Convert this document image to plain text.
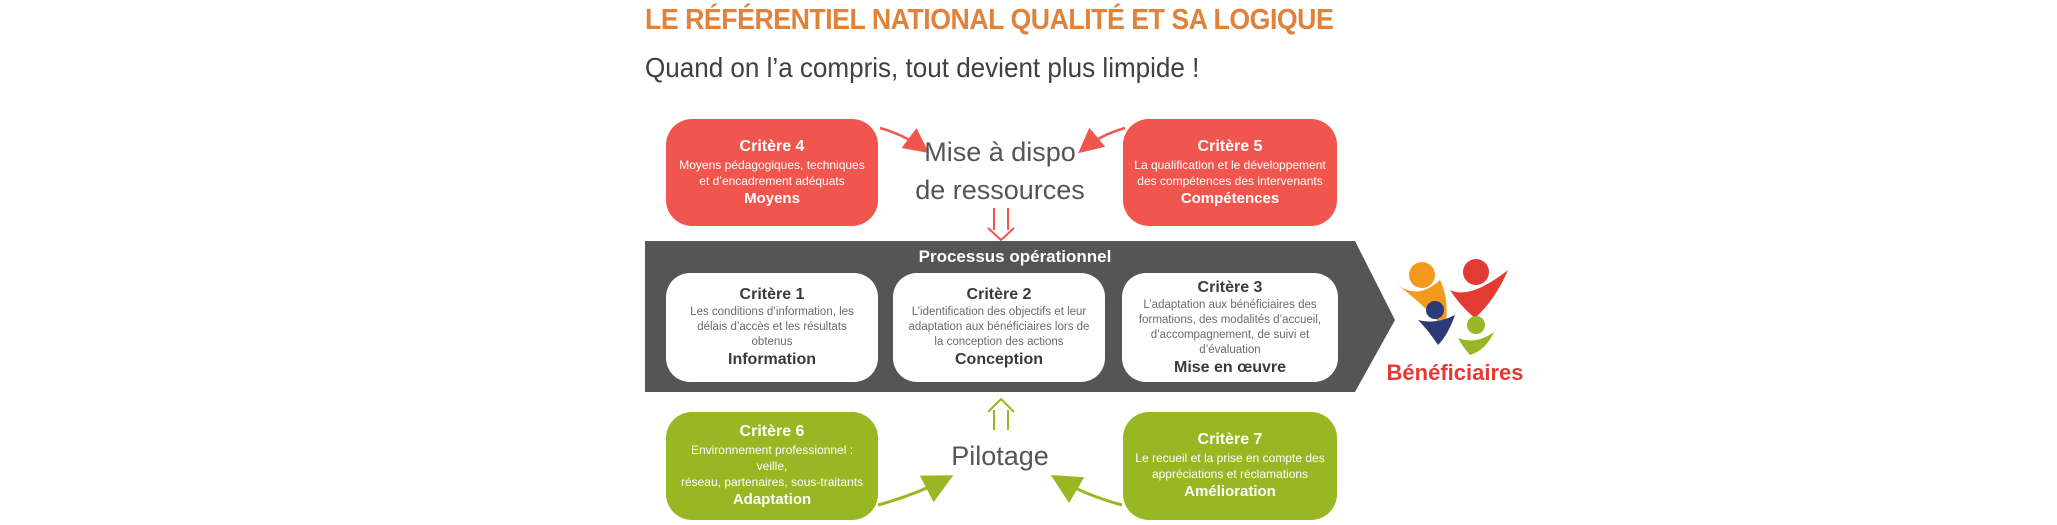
LE RÉFÉRENTIEL NATIONAL QUALITÉ ET SA LOGIQUE
Quand on l’a compris, tout devient plus limpide !
Mise à dispo
de ressources
Pilotage
Processus opérationnel
Critère 4
Moyens pédagogiques, techniques
et d’encadrement adéquats
Moyens
Critère 5
La qualification et le développement
des compétences des intervenants
Compétences
Critère 1
Les conditions d’information, les
délais d’accès et les résultats obtenus
Information
Critère 2
L’identification des objectifs et leur
adaptation aux bénéficiaires lors de
la conception des actions
Conception
Critère 3
L’adaptation aux bénéficiaires des
formations, des modalités d’accueil,
d’accompagnement, de suivi et d’évaluation
Mise en œuvre
Critère 6
Environnement professionnel : veille,
réseau, partenaires, sous-traitants
Adaptation
Critère 7
Le recueil et la prise en compte des
appréciations et réclamations
Amélioration
Bénéficiaires
